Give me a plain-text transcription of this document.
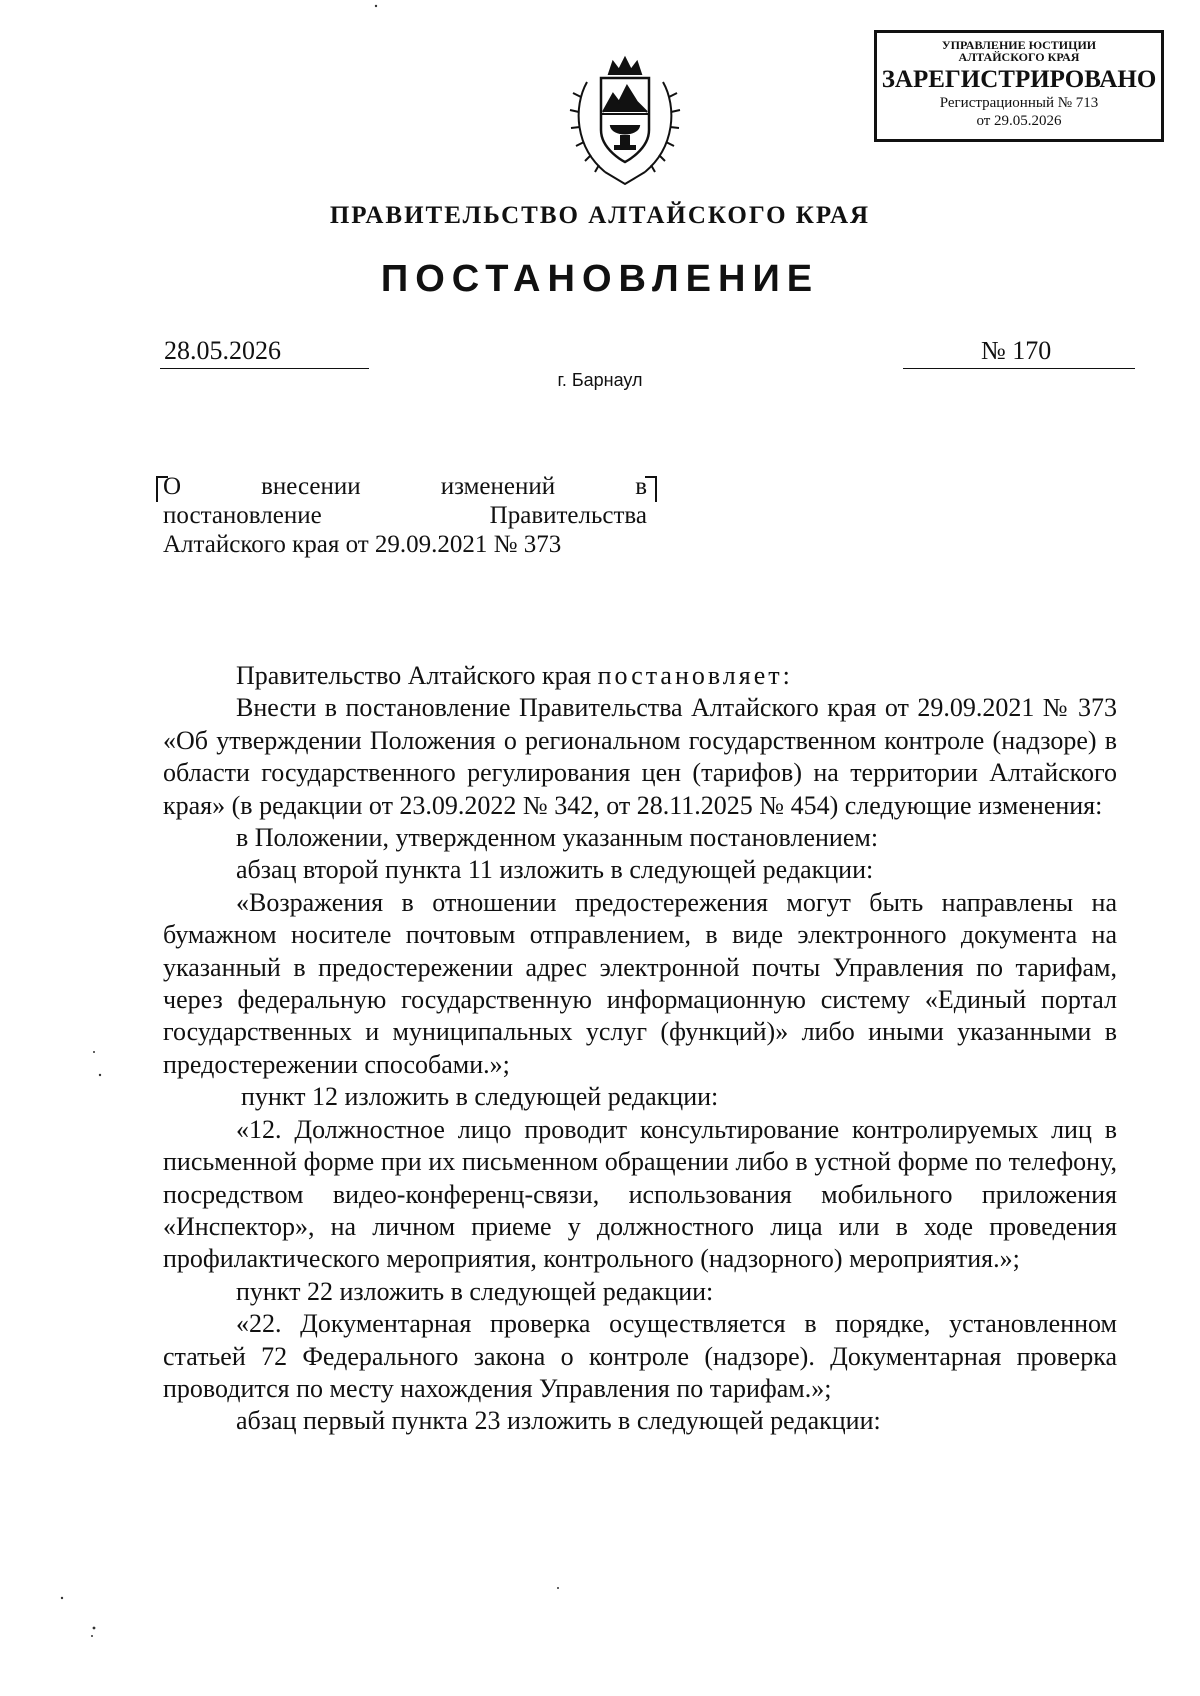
УПРАВЛЕНИЕ ЮСТИЦИИ
АЛТАЙСКОГО КРАЯ
ЗАРЕГИСТРИРОВАНО
Регистрационный № 713
от 29.05.2026
ПРАВИТЕЛЬСТВО АЛТАЙСКОГО КРАЯ
ПОСТАНОВЛЕНИЕ
28.05.2026	№ 170
г. Барнаул
О	внесении	изменений	в
постановление	Правительства
Алтайского края от 29.09.2021 № 373

Правительство Алтайского края постановляет:

Внести в постановление Правительства Алтайского края от 29.09.2021 № 373 «Об утверждении Положения о региональном государственном контроле (надзоре) в области государственного регулирования цен (тарифов) на территории Алтайского края» (в редакции от 23.09.2022 № 342, от 28.11.2025 № 454) следующие изменения:

в Положении, утвержденном указанным постановлением:

абзац второй пункта 11 изложить в следующей редакции:

«Возражения в отношении предостережения могут быть направлены на бумажном носителе почтовым отправлением, в виде электронного документа на указанный в предостережении адрес электронной почты Управления по тарифам, через федеральную государственную информационную систему «Единый портал государственных и муниципальных услуг (функций)» либо иными указанными в предостережении способами.»;

пункт 12 изложить в следующей редакции:

«12. Должностное лицо проводит консультирование контролируемых лиц в письменной форме при их письменном обращении либо в устной форме по телефону, посредством видео-конференц-связи, использования мобильного приложения «Инспектор», на личном приеме у должностного лица или в ходе проведения профилактического мероприятия, контрольного (надзорного) мероприятия.»;

пункт 22 изложить в следующей редакции:

«22. Документарная проверка осуществляется в порядке, установленном статьей 72 Федерального закона о контроле (надзоре). Документарная проверка проводится по месту нахождения Управления по тарифам.»;

абзац первый пункта 23 изложить в следующей редакции:
